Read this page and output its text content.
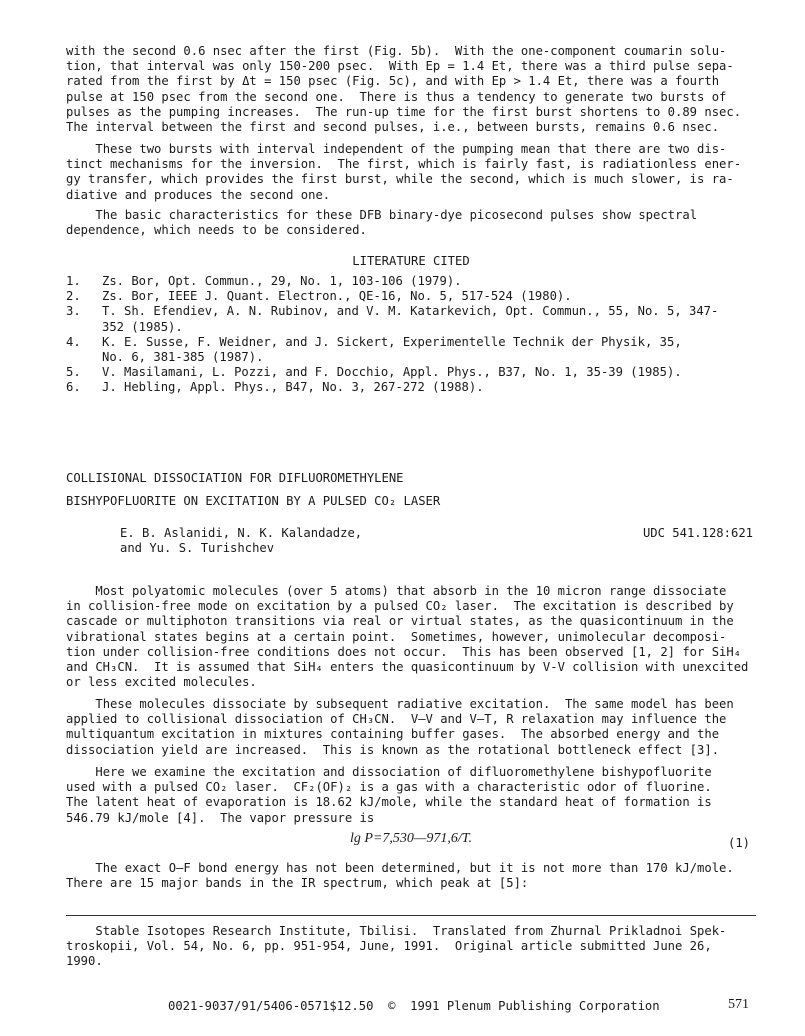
with the second 0.6 nsec after the first (Fig. 5b).  With the one-component coumarin solu-
tion, that interval was only 150-200 psec.  With Ep = 1.4 Et, there was a third pulse sepa-
rated from the first by Δt = 150 psec (Fig. 5c), and with Ep > 1.4 Et, there was a fourth
pulse at 150 psec from the second one.  There is thus a tendency to generate two bursts of
pulses as the pumping increases.  The run-up time for the first burst shortens to 0.89 nsec.
The interval between the first and second pulses, i.e., between bursts, remains 0.6 nsec.
These two bursts with interval independent of the pumping mean that there are two dis-
tinct mechanisms for the inversion.  The first, which is fairly fast, is radiationless ener-
gy transfer, which provides the first burst, while the second, which is much slower, is ra-
diative and produces the second one.
The basic characteristics for these DFB binary-dye picosecond pulses show spectral
dependence, which needs to be considered.
LITERATURE CITED
1.	Zs. Bor, Opt. Commun., 29, No. 1, 103-106 (1979).
2.	Zs. Bor, IEEE J. Quant. Electron., QE-16, No. 5, 517-524 (1980).
3.	T. Sh. Efendiev, A. N. Rubinov, and V. M. Katarkevich, Opt. Commun., 55, No. 5, 347-
352 (1985).
4.	K. E. Susse, F. Weidner, and J. Sickert, Experimentelle Technik der Physik, 35,
No. 6, 381-385 (1987).
5.	V. Masilamani, L. Pozzi, and F. Docchio, Appl. Phys., B37, No. 1, 35-39 (1985).
6.	J. Hebling, Appl. Phys., B47, No. 3, 267-272 (1988).
COLLISIONAL DISSOCIATION FOR DIFLUOROMETHYLENE
BISHYPOFLUORITE ON EXCITATION BY A PULSED CO₂ LASER
E. B. Aslanidi, N. K. Kalandadze,
and Yu. S. Turishchev
UDC 541.128:621
Most polyatomic molecules (over 5 atoms) that absorb in the 10 micron range dissociate
in collision-free mode on excitation by a pulsed CO₂ laser.  The excitation is described by
cascade or multiphoton transitions via real or virtual states, as the quasicontinuum in the
vibrational states begins at a certain point.  Sometimes, however, unimolecular decomposi-
tion under collision-free conditions does not occur.  This has been observed [1, 2] for SiH₄
and CH₃CN.  It is assumed that SiH₄ enters the quasicontinuum by V-V collision with unexcited
or less excited molecules.
These molecules dissociate by subsequent radiative excitation.  The same model has been
applied to collisional dissociation of CH₃CN.  V—V and V—T, R relaxation may influence the
multiquantum excitation in mixtures containing buffer gases.  The absorbed energy and the
dissociation yield are increased.  This is known as the rotational bottleneck effect [3].
Here we examine the excitation and dissociation of difluoromethylene bishypofluorite
used with a pulsed CO₂ laser.  CF₂(OF)₂ is a gas with a characteristic odor of fluorine.
The latent heat of evaporation is 18.62 kJ/mole, while the standard heat of formation is
546.79 kJ/mole [4].  The vapor pressure is
lg P=7,530—971,6/T.	(1)
The exact O—F bond energy has not been determined, but it is not more than 170 kJ/mole.
There are 15 major bands in the IR spectrum, which peak at [5]:
Stable Isotopes Research Institute, Tbilisi.  Translated from Zhurnal Prikladnoi Spek-
troskopii, Vol. 54, No. 6, pp. 951-954, June, 1991.  Original article submitted June 26,
1990.
0021-9037/91/5406-0571$12.50  ©  1991 Plenum Publishing Corporation	571
